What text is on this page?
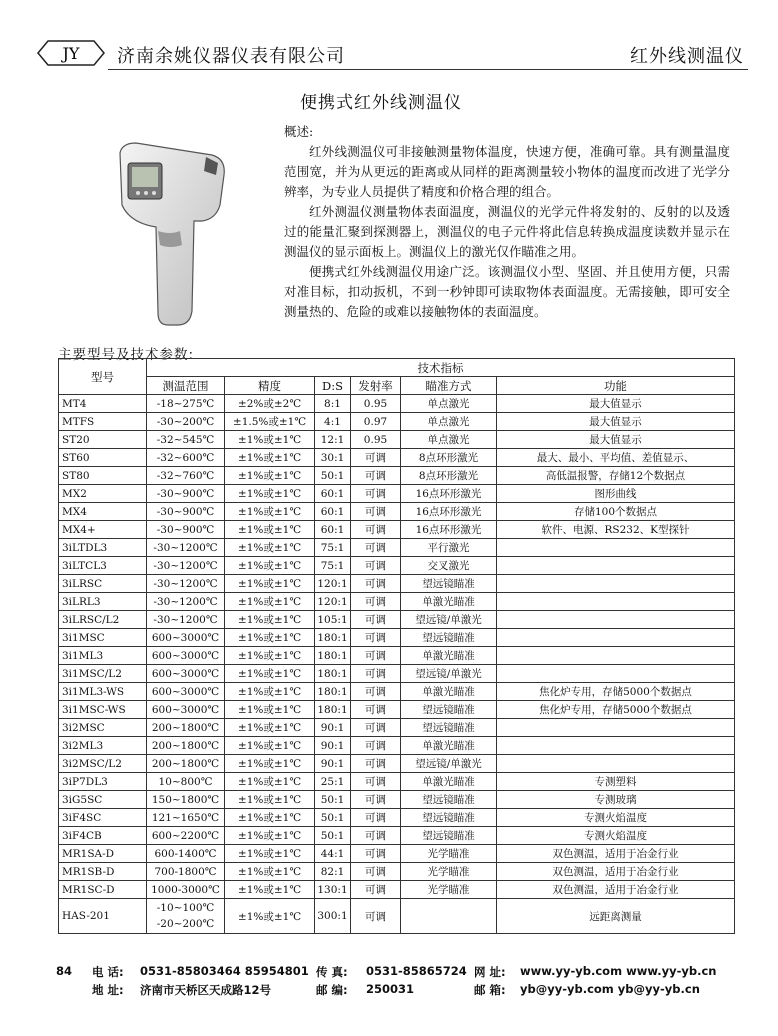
JY 济南余姚仪器仪表有限公司	红外线测温仪
便携式红外线测温仪
概述:

红外线测温仪可非接触测量物体温度，快速方便，准确可靠。具有测量温度范围宽，并为从更远的距离或从同样的距离测量较小物体的温度而改进了光学分辨率，为专业人员提供了精度和价格合理的组合。

红外测温仪测量物体表面温度，测温仪的光学元件将发射的、反射的以及透过的能量汇聚到探测器上，测温仪的电子元件将此信息转换成温度读数并显示在测温仪的显示面板上。测温仪上的激光仅作瞄准之用。

便携式红外线测温仪用途广泛。该测温仪小型、坚固、并且使用方便，只需对准目标，扣动扳机，不到一秒钟即可读取物体表面温度。无需接触，即可安全测量热的、危险的或难以接触物体的表面温度。

主要型号及技术参数:
型号	技术指标					
	测温范围	精度	D:S	发射率	瞄准方式	功能
MT4	-18~275℃	±2%或±2℃	8:1	0.95	单点激光	最大值显示
MTFS	-30~200℃	±1.5%或±1℃	4:1	0.97	单点激光	最大值显示
ST20	-32~545℃	±1%或±1℃	12:1	0.95	单点激光	最大值显示
ST60	-32~600℃	±1%或±1℃	30:1	可调	8点环形激光	最大、最小、平均值、差值显示、
ST80	-32~760℃	±1%或±1℃	50:1	可调	8点环形激光	高低温报警，存储12个数据点
MX2	-30~900℃	±1%或±1℃	60:1	可调	16点环形激光	图形曲线
MX4	-30~900℃	±1%或±1℃	60:1	可调	16点环形激光	存储100个数据点
MX4+	-30~900℃	±1%或±1℃	60:1	可调	16点环形激光	软件、电源、RS232、K型探针
3iLTDL3	-30~1200℃	±1%或±1℃	75:1	可调	平行激光	
3iLTCL3	-30~1200℃	±1%或±1℃	75:1	可调	交叉激光	
3iLRSC	-30~1200℃	±1%或±1℃	120:1	可调	望远镜瞄准	
3iLRL3	-30~1200℃	±1%或±1℃	120:1	可调	单激光瞄准	
3iLRSC/L2	-30~1200℃	±1%或±1℃	105:1	可调	望远镜/单激光	
3i1MSC	600~3000℃	±1%或±1℃	180:1	可调	望远镜瞄准	
3i1ML3	600~3000℃	±1%或±1℃	180:1	可调	单激光瞄准	
3i1MSC/L2	600~3000℃	±1%或±1℃	180:1	可调	望远镜/单激光	
3i1ML3-WS	600~3000℃	±1%或±1℃	180:1	可调	单激光瞄准	焦化炉专用，存储5000个数据点
3i1MSC-WS	600~3000℃	±1%或±1℃	180:1	可调	望远镜瞄准	焦化炉专用，存储5000个数据点
3i2MSC	200~1800℃	±1%或±1℃	90:1	可调	望远镜瞄准	
3i2ML3	200~1800℃	±1%或±1℃	90:1	可调	单激光瞄准	
3i2MSC/L2	200~1800℃	±1%或±1℃	90:1	可调	望远镜/单激光	
3iP7DL3	10~800℃	±1%或±1℃	25:1	可调	单激光瞄准	专测塑料
3iG5SC	150~1800℃	±1%或±1℃	50:1	可调	望远镜瞄准	专测玻璃
3iF4SC	121~1650℃	±1%或±1℃	50:1	可调	望远镜瞄准	专测火焰温度
3iF4CB	600~2200℃	±1%或±1℃	50:1	可调	望远镜瞄准	专测火焰温度
MR1SA-D	600-1400℃	±1%或±1℃	44:1	可调	光学瞄准	双色测温，适用于冶金行业
MR1SB-D	700-1800℃	±1%或±1℃	82:1	可调	光学瞄准	双色测温，适用于冶金行业
MR1SC-D	1000-3000℃	±1%或±1℃	130:1	可调	光学瞄准	双色测温，适用于冶金行业
HAS-201	-10~100℃
-20~200℃	±1%或±1℃	300:1	可调		远距离测量
84 电 话: 0531-85803464 85954801 传 真: 0531-85865724 网 址: www.yy-yb.com www.yy-yb.cn
地 址: 济南市天桥区天成路12号	邮 编: 250031	邮 箱: yb@yy-yb.com yb@yy-yb.cn
